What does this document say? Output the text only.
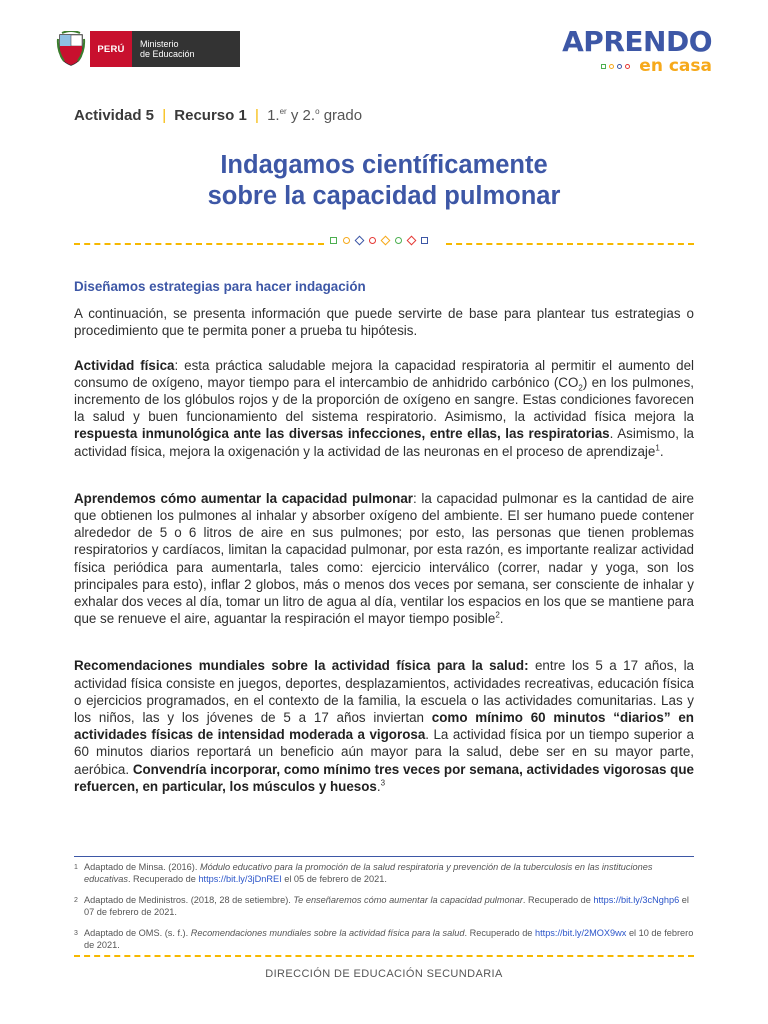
PERÚ	Ministerio
de Educación	APRENDO
en casa
Actividad 5 | Recurso 1 | 1.$^{er}$ y 2.$^o$ grado
Indagamos científicamente
sobre la capacidad pulmonar
Diseñamos estrategias para hacer indagación

A continuación, se presenta información que puede servirte de base para plantear tus estrategias o procedimiento que te permita poner a prueba tu hipótesis.

Actividad física: esta práctica saludable mejora la capacidad respiratoria al permitir el aumento del consumo de oxígeno, mayor tiempo para el intercambio de anhidrido carbónico $(CO_2)$ en los pulmones, incremento de los glóbulos rojos y de la proporción de oxígeno en sangre. Estas condiciones favorecen la salud y buen funcionamiento del sistema respiratorio. Asimismo, la actividad física mejora la respuesta inmunológica ante las diversas infecciones, entre ellas, las respiratorias. Asimismo, la actividad física, mejora la oxigenación y la actividad de las neuronas en el proceso de aprendizaje$^1$.

Aprendemos cómo aumentar la capacidad pulmonar: la capacidad pulmonar es la cantidad de aire que obtienen los pulmones al inhalar y absorber oxígeno del ambiente. El ser humano puede contener alrededor de 5 o 6 litros de aire en sus pulmones; por esto, las personas que tienen problemas respiratorios y cardíacos, limitan la capacidad pulmonar, por esta razón, es importante realizar actividad física periódica para aumentarla, tales como: ejercicio interválico (correr, nadar y yoga, son los principales para esto), inflar 2 globos, más o menos dos veces por semana, ser consciente de inhalar y exhalar dos veces al día, tomar un litro de agua al día, ventilar los espacios en los que se mantiene para que se renueve el aire, aguantar la respiración el mayor tiempo posible$^2$.

Recomendaciones mundiales sobre la actividad física para la salud: entre los 5 a 17 años, la actividad física consiste en juegos, deportes, desplazamientos, actividades recreativas, educación física o ejercicios programados, en el contexto de la familia, la escuela o las actividades comunitarias. Las y los niños, las y los jóvenes de 5 a 17 años inviertan como mínimo 60 minutos “diarios” en actividades físicas de intensidad moderada a vigorosa. La actividad física por un tiempo superior a 60 minutos diarios reportará un beneficio aún mayor para la salud, debe ser en su mayor parte, aeróbica. Convendría incorporar, como mínimo tres veces por semana, actividades vigorosas que refuercen, en particular, los músculos y huesos.$^3$

1 Adaptado de Minsa. (2016). Módulo educativo para la promoción de la salud respiratoria y prevención de la tuberculosis en las instituciones educativas. Recuperado de https://bit.ly/3jDnREI el 05 de febrero de 2021.
2 Adaptado de Medinistros. (2018, 28 de setiembre). Te enseñaremos cómo aumentar la capacidad pulmonar. Recuperado de https://bit.ly/3cNghp6 el 07 de febrero de 2021.
3 Adaptado de OMS. (s. f.). Recomendaciones mundiales sobre la actividad física para la salud. Recuperado de https://bit.ly/2MOX9wx el 10 de febrero de 2021.
DIRECCIÓN DE EDUCACIÓN SECUNDARIA
